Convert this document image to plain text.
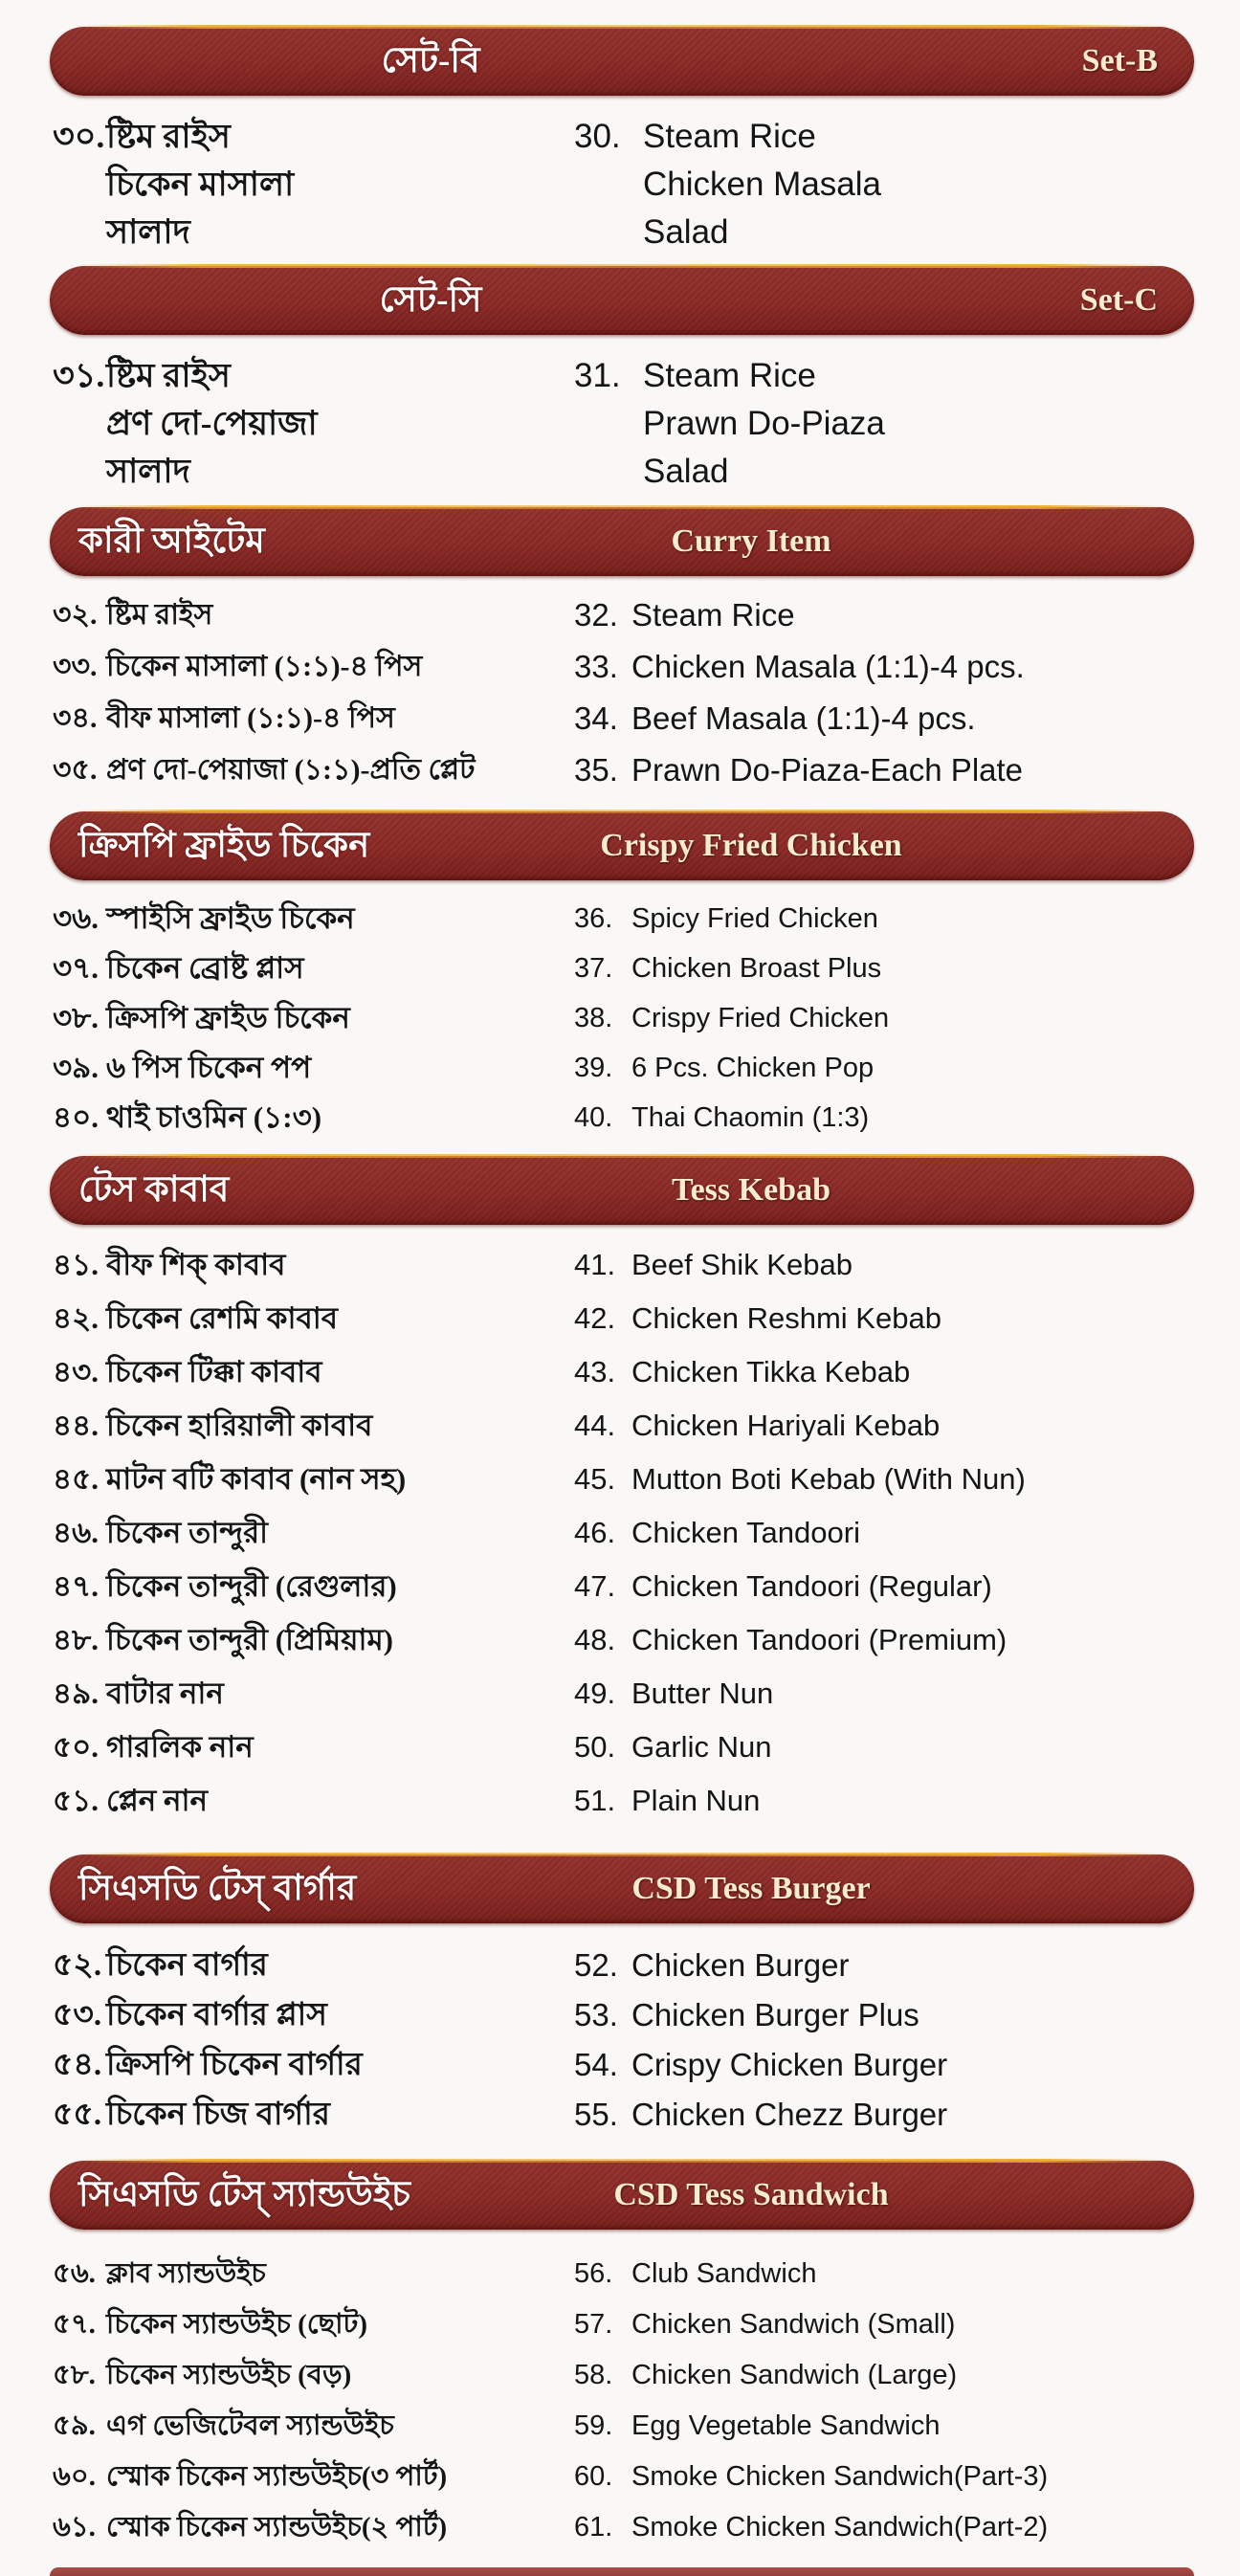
সেট-বি	Set-B
৩০. ষ্টিম রাইস	30. Steam Rice
চিকেন মাসালা	Chicken Masala
সালাদ	Salad
সেট-সি	Set-C
৩১. ষ্টিম রাইস	31. Steam Rice
প্রণ দো-পেয়াজা	Prawn Do-Piaza
সালাদ	Salad
কারী আইটেম	Curry Item
৩২. ষ্টিম রাইস	32. Steam Rice
৩৩. চিকেন মাসালা (১:১)-৪ পিস	33. Chicken Masala (1:1)-4 pcs.
৩৪. বীফ মাসালা (১:১)-৪ পিস	34. Beef Masala (1:1)-4 pcs.
৩৫. প্রণ দো-পেয়াজা (১:১)-প্রতি প্লেট	35. Prawn Do-Piaza-Each Plate
ক্রিসপি ফ্রাইড চিকেন	Crispy Fried Chicken
৩৬. স্পাইসি ফ্রাইড চিকেন	36. Spicy Fried Chicken
৩৭. চিকেন ব্রোষ্ট প্লাস	37. Chicken Broast Plus
৩৮. ক্রিসপি ফ্রাইড চিকেন	38. Crispy Fried Chicken
৩৯. ৬ পিস চিকেন পপ	39. 6 Pcs. Chicken Pop
৪০. থাই চাওমিন (১:৩)	40. Thai Chaomin (1:3)
টেস কাবাব	Tess Kebab
৪১. বীফ শিক্ কাবাব	41. Beef Shik Kebab
৪২. চিকেন রেশমি কাবাব	42. Chicken Reshmi Kebab
৪৩. চিকেন টিক্কা কাবাব	43. Chicken Tikka Kebab
৪৪. চিকেন হারিয়ালী কাবাব	44. Chicken Hariyali Kebab
৪৫. মাটন বটি কাবাব (নান সহ)	45. Mutton Boti Kebab (With Nun)
৪৬. চিকেন তান্দুরী	46. Chicken Tandoori
৪৭. চিকেন তান্দুরী (রেগুলার)	47. Chicken Tandoori (Regular)
৪৮. চিকেন তান্দুরী (প্রিমিয়াম)	48. Chicken Tandoori (Premium)
৪৯. বাটার নান	49. Butter Nun
৫০. গারলিক নান	50. Garlic Nun
৫১. প্লেন নান	51. Plain Nun
সিএসডি টেস্ বার্গার	CSD Tess Burger
৫২. চিকেন বার্গার	52. Chicken Burger
৫৩. চিকেন বার্গার প্লাস	53. Chicken Burger Plus
৫৪. ক্রিসপি চিকেন বার্গার	54. Crispy Chicken Burger
৫৫. চিকেন চিজ বার্গার	55. Chicken Chezz Burger
সিএসডি টেস্ স্যান্ডউইচ	CSD Tess Sandwich
৫৬. ক্লাব স্যান্ডউইচ	56. Club Sandwich
৫৭. চিকেন স্যান্ডউইচ (ছোট)	57. Chicken Sandwich (Small)
৫৮. চিকেন স্যান্ডউইচ (বড়)	58. Chicken Sandwich (Large)
৫৯. এগ ভেজিটেবল স্যান্ডউইচ	59. Egg Vegetable Sandwich
৬০. স্মোক চিকেন স্যান্ডউইচ(৩ পার্ট)	60. Smoke Chicken Sandwich(Part-3)
৬১. স্মোক চিকেন স্যান্ডউইচ(২ পার্ট)	61. Smoke Chicken Sandwich(Part-2)
